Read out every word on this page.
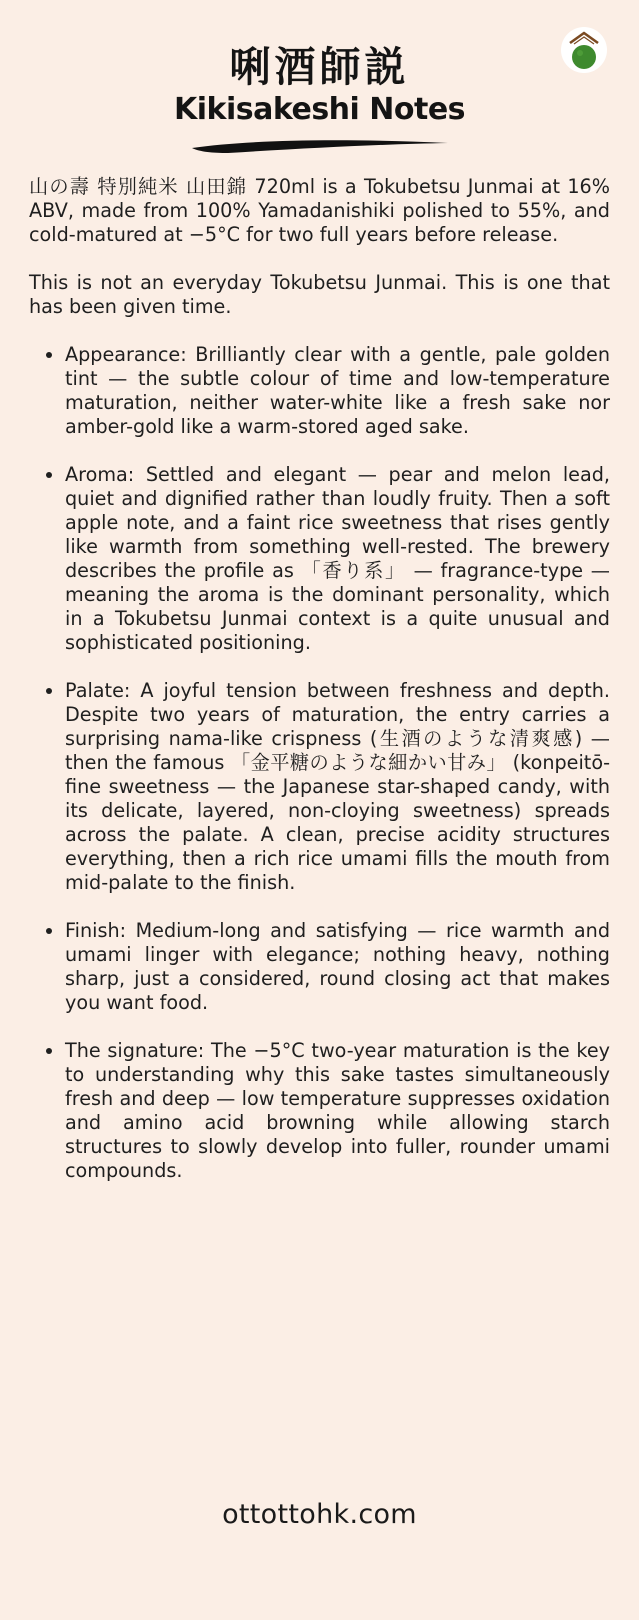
唎酒師説
Kikisakeshi Notes

山の壽 特別純米 山田錦 720ml is a Tokubetsu Junmai at 16% ABV, made from 100% Yamadanishiki polished to 55%, and cold-matured at −5°C for two full years before release.

This is not an everyday Tokubetsu Junmai. This is one that has been given time.

• Appearance: Brilliantly clear with a gentle, pale golden tint — the subtle colour of time and low-temperature maturation, neither water-white like a fresh sake nor amber-gold like a warm-stored aged sake.
• Aroma: Settled and elegant — pear and melon lead, quiet and dignified rather than loudly fruity. Then a soft apple note, and a faint rice sweetness that rises gently like warmth from something well-rested. The brewery describes the profile as 「香り系」 — fragrance-type — meaning the aroma is the dominant personality, which in a Tokubetsu Junmai context is a quite unusual and sophisticated positioning.
• Palate: A joyful tension between freshness and depth. Despite two years of maturation, the entry carries a surprising nama-like crispness (生酒のような清爽感) — then the famous 「金平糖のような細かい甘み」 (konpeitō-fine sweetness — the Japanese star-shaped candy, with its delicate, layered, non-cloying sweetness) spreads across the palate. A clean, precise acidity structures everything, then a rich rice umami fills the mouth from mid-palate to the finish.
• Finish: Medium-long and satisfying — rice warmth and umami linger with elegance; nothing heavy, nothing sharp, just a considered, round closing act that makes you want food.
• The signature: The −5°C two-year maturation is the key to understanding why this sake tastes simultaneously fresh and deep — low temperature suppresses oxidation and amino acid browning while allowing starch structures to slowly develop into fuller, rounder umami compounds.
ottottohk.com
